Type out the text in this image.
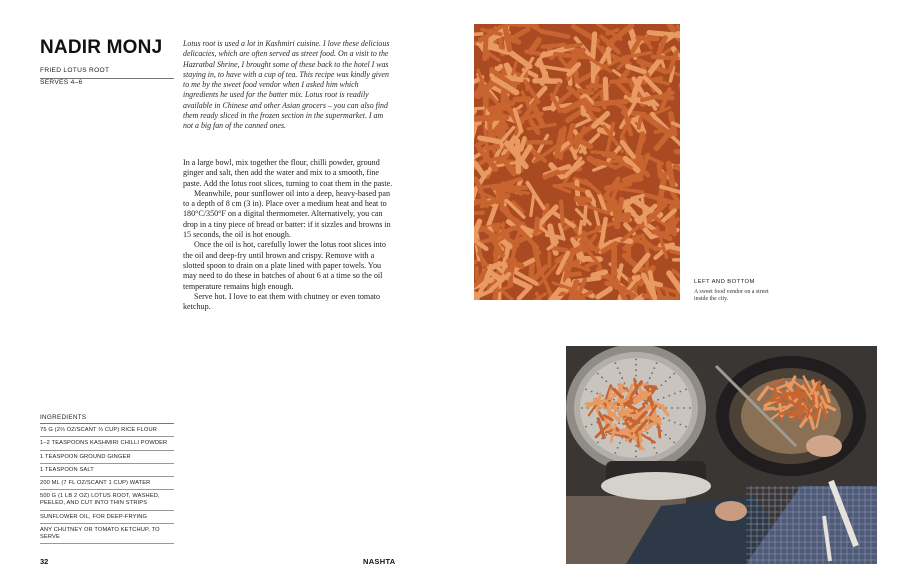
NADIR MONJ
FRIED LOTUS ROOT
SERVES 4–6

Lotus root is used a lot in Kashmiri cuisine. I love these delicious delicacies, which are often served as street food. On a visit to the Hazratbal Shrine, I brought some of these back to the hotel I was staying in, to have with a cup of tea. This recipe was kindly given to me by the sweet food vendor when I asked him which ingredients he used for the batter mix. Lotus root is readily available in Chinese and other Asian grocers – you can also find them ready sliced in the frozen section in the supermarket. I am not a big fan of the canned ones.

In a large bowl, mix together the flour, chilli powder, ground ginger and salt, then add the water and mix to a smooth, fine paste. Add the lotus root slices, turning to coat them in the paste.

Meanwhile, pour sunflower oil into a deep, heavy-based pan to a depth of 8 cm (3 in). Place over a medium heat and heat to 180°C/350°F on a digital thermometer. Alternatively, you can drop in a tiny piece of bread or batter: if it sizzles and browns in 15 seconds, the oil is hot enough.

Once the oil is hot, carefully lower the lotus root slices into the oil and deep-fry until brown and crispy. Remove with a slotted spoon to drain on a plate lined with paper towels. You may need to do these in batches of about 6 at a time so the oil temperature remains high enough.

Serve hot. I love to eat them with chutney or even tomato ketchup.

INGREDIENTS
75 G (2⅔ OZ/SCANT ⅔ CUP) RICE FLOUR
1–2 TEASPOONS KASHMIRI CHILLI POWDER
1 TEASPOON GROUND GINGER
1 TEASPOON SALT
200 ML (7 FL OZ/SCANT 1 CUP) WATER
500 G (1 LB 2 OZ) LOTUS ROOT, WASHED, PEELED, AND CUT INTO THIN STRIPS
SUNFLOWER OIL, FOR DEEP-FRYING
ANY CHUTNEY OR TOMATO KETCHUP, TO SERVE
32	NASHTA
LEFT AND BOTTOM
A sweet food vendor on a street inside the city.
